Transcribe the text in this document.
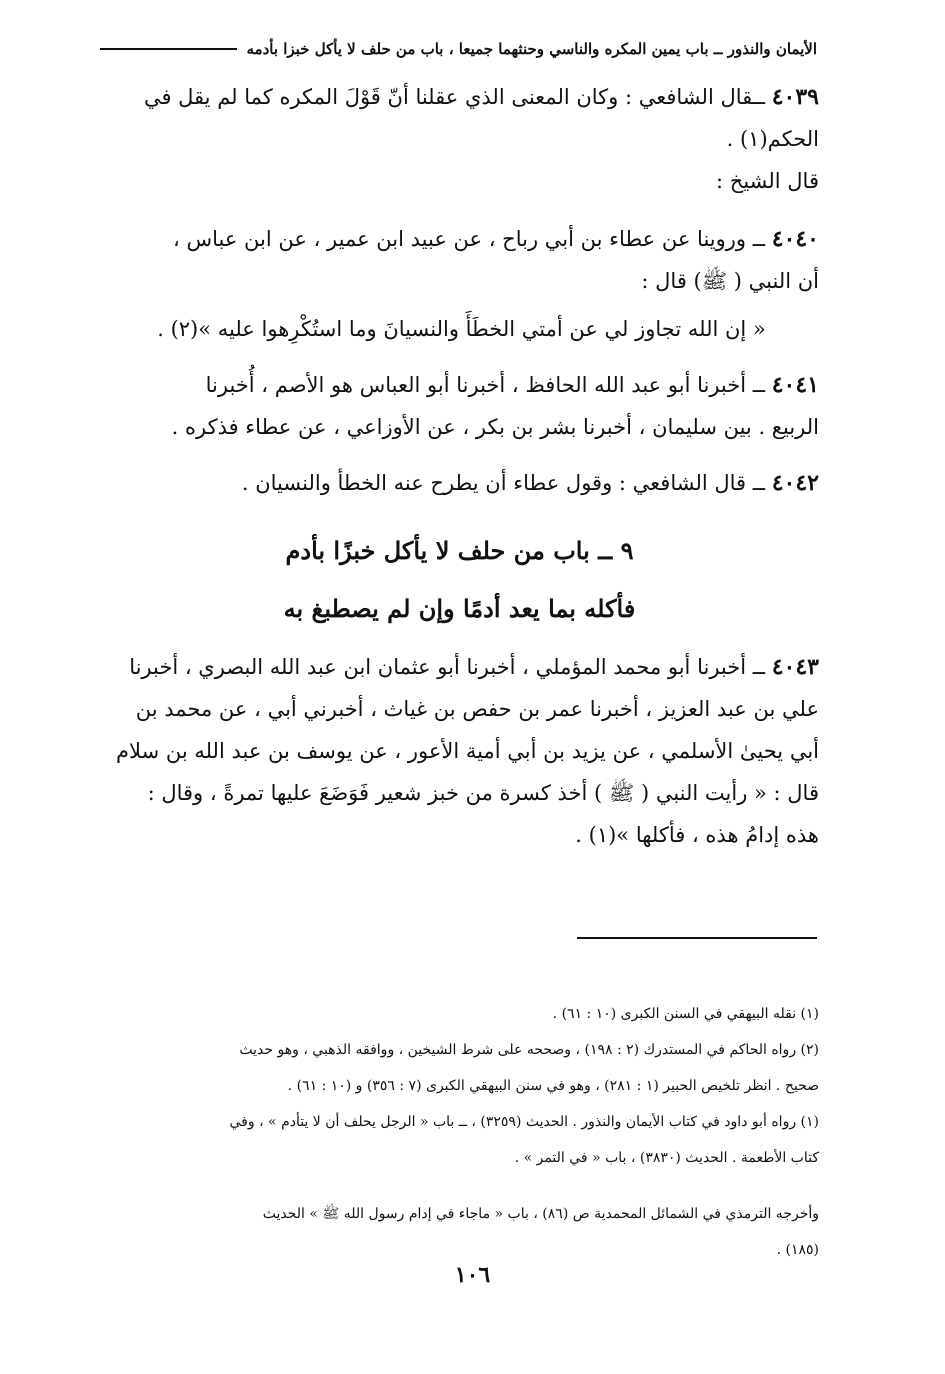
الأيمان والنذور ــ باب يمين المكره والناسي وحنثهما جميعا ، باب من حلف لا يأكل خبزا بأدمه
٤٠٣٩ ــقال الشافعي : وكان المعنى الذي عقلنا أنّ قَوْلَ المكره كما لم يقل في
الحكم(١) .
قال الشيخ :
٤٠٤٠ ــ وروينا عن عطاء بن أبي رباح ، عن عبيد ابن عمير ، عن ابن عباس ،
أن النبي ( ﷺ) قال :
« إن الله تجاوز لي عن أمتي الخطَأَ والنسيانَ وما استُكْرِهوا عليه »(٢) .
٤٠٤١ ــ أخبرنا أبو عبد الله الحافظ ، أخبرنا أبو العباس هو الأصم ، أُخبرنا
الربيع . بين سليمان ، أخبرنا بشر بن بكر ، عن الأوزاعي ، عن عطاء فذكره .
٤٠٤٢ ــ قال الشافعي : وقول عطاء أن يطرح عنه الخطأ والنسيان .
٩ ــ باب من حلف لا يأكل خبزًا بأدم
فأكله بما يعد أدمًا وإن لم يصطبغ به
٤٠٤٣ ــ أخبرنا أبو محمد المؤملي ، أخبرنا أبو عثمان ابن عبد الله البصري ، أخبرنا
علي بن عبد العزيز ، أخبرنا عمر بن حفص بن غياث ، أخبرني أبي ، عن محمد بن
أبي يحيىٰ الأسلمي ، عن يزيد بن أبي أمية الأعور ، عن يوسف بن عبد الله بن سلام
قال : « رأيت النبي ( ﷺ ) أخذ كسرة من خبز شعير فَوَضَعَ عليها تمرةً ، وقال :
هذه إدامُ هذه ، فأكلها »(١) .
(١) نقله البيهقي في السنن الكبرى (١٠ : ٦١) .
(٢) رواه الحاكم في المستدرك (٢ : ١٩٨) ، وصححه على شرط الشيخين ، ووافقه الذهبي ، وهو حديث
صحيح . انظر تلخيص الحبير (١ : ٢٨١) ، وهو في سنن البيهقي الكبرى (٧ : ٣٥٦) و (١٠ : ٦١) .
(١) رواه أبو داود في كتاب الأيمان والنذور . الحديث (٣٢٥٩) ، ــ باب « الرجل يحلف أن لا يتأدم » ، وفي
كتاب الأطعمة . الحديث (٣٨٣٠) ، باب « في التمر » .
وأخرجه الترمذي في الشمائل المحمدية ص (٨٦) ، باب « ماجاء في إدام رسول الله ﷺ » الحديث
(١٨٥) .
١٠٦
